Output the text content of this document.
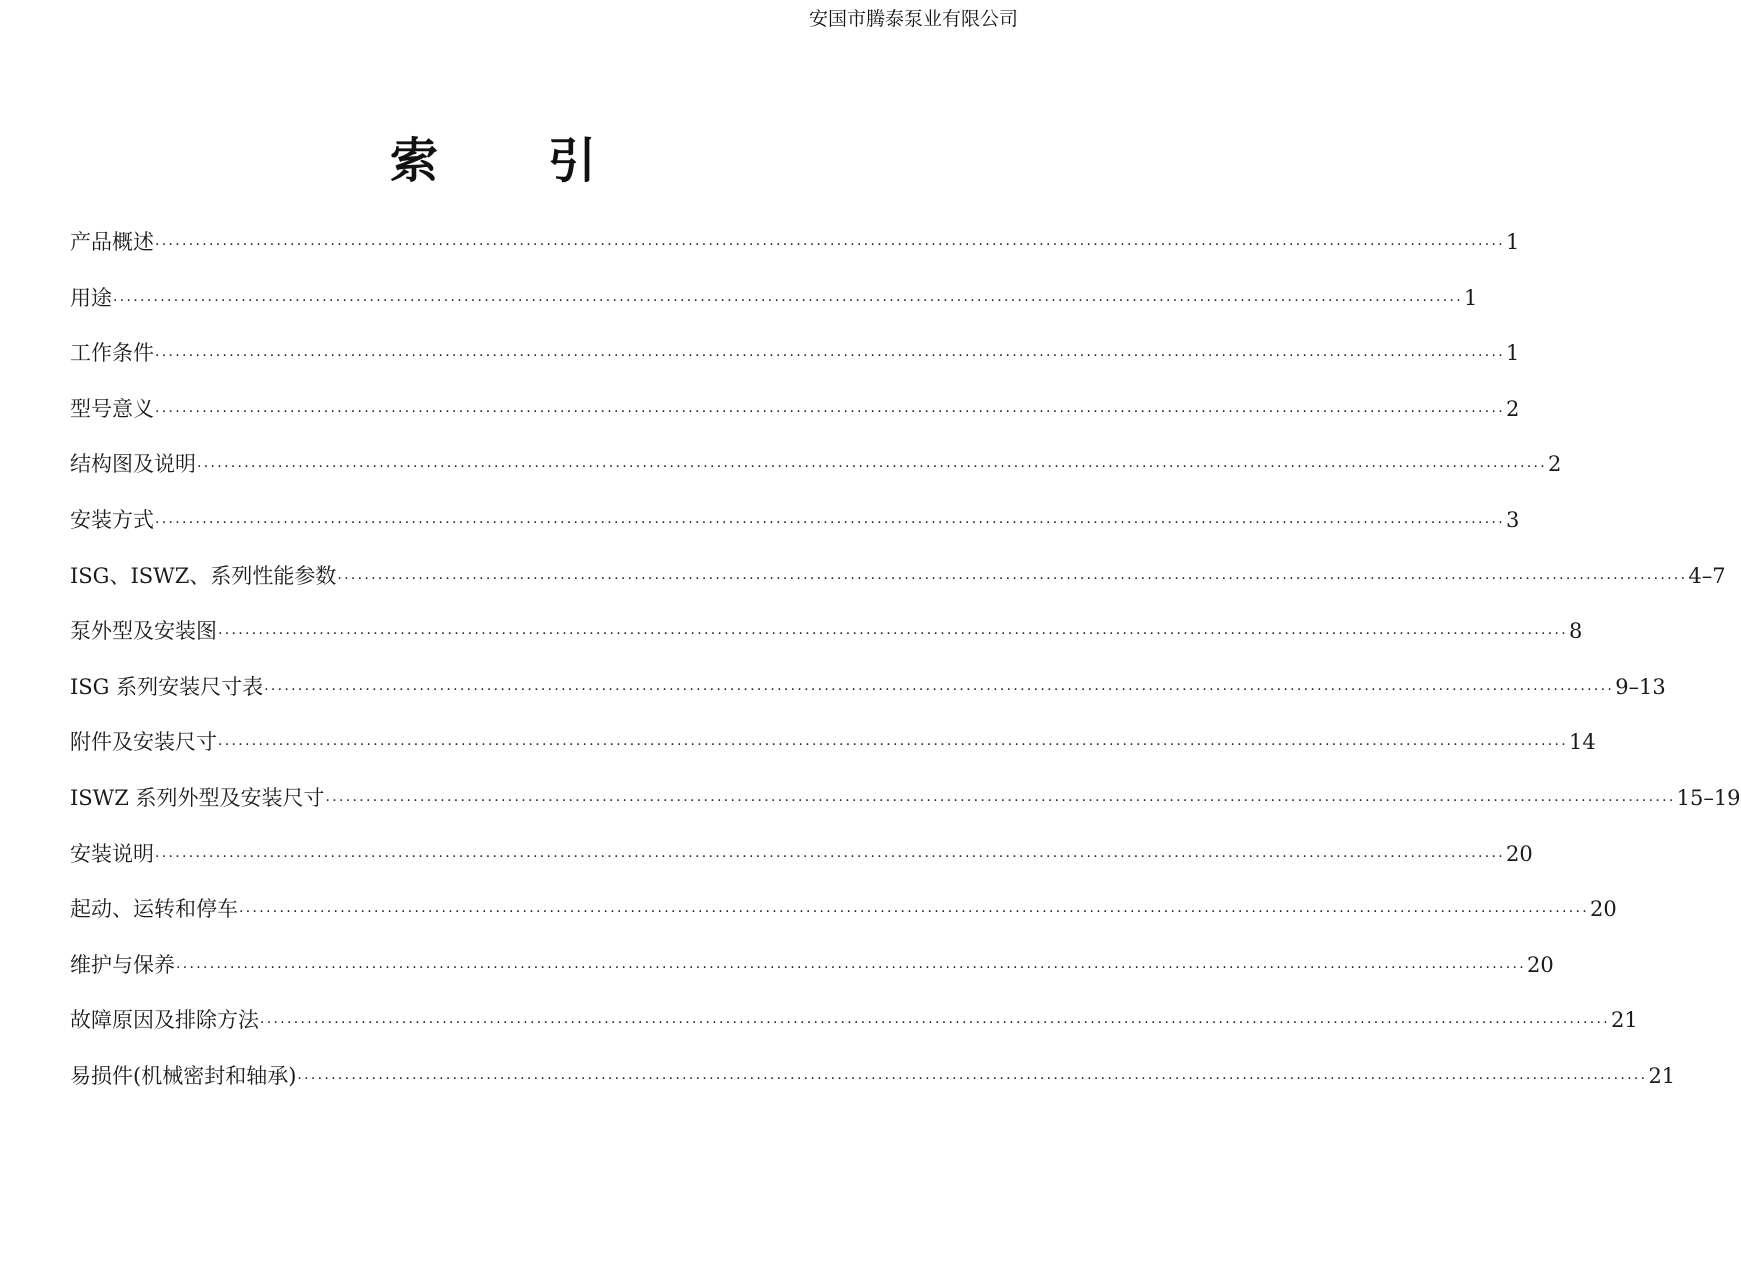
安国市腾泰泵业有限公司
索引
产品概述 ········································································································································································································ 1
用途 ········································································································································································································ 1
工作条件 ········································································································································································································ 1
型号意义 ········································································································································································································ 2
结构图及说明 ········································································································································································································ 2
安装方式 ········································································································································································································ 3
ISG、ISWZ、系列性能参数 ········································································································································································································ 4–7
泵外型及安装图 ········································································································································································································ 8
ISG 系列安装尺寸表 ········································································································································································································ 9–13
附件及安装尺寸 ········································································································································································································ 14
ISWZ 系列外型及安装尺寸 ········································································································································································································ 15–19
安装说明 ········································································································································································································ 20
起动、运转和停车 ········································································································································································································ 20
维护与保养 ········································································································································································································ 20
故障原因及排除方法 ········································································································································································································ 21
易损件(机械密封和轴承) ········································································································································································································ 21
